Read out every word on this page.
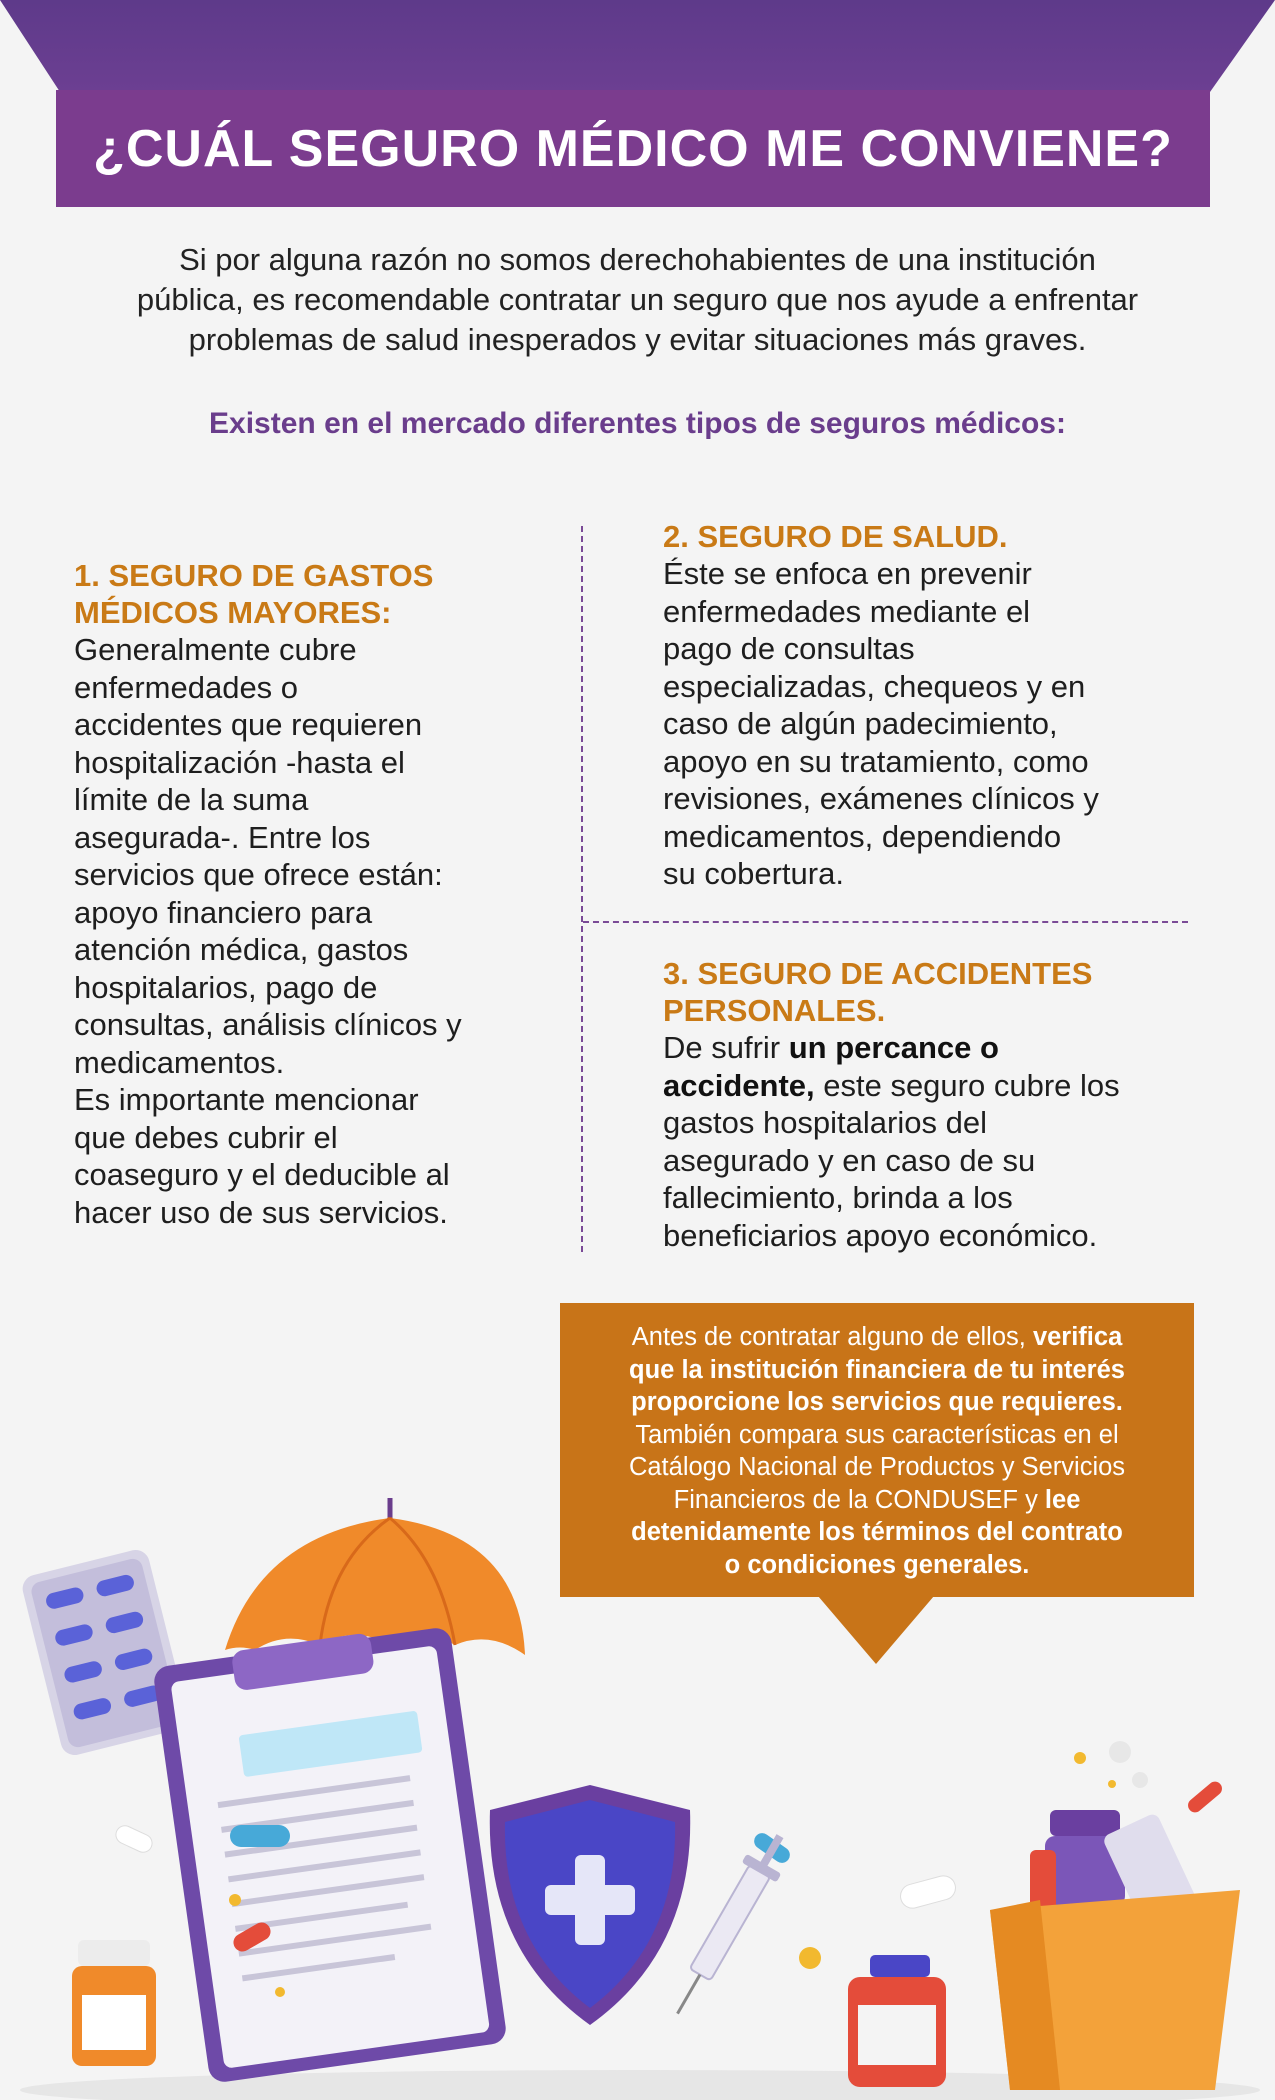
¿CUÁL SEGURO MÉDICO ME CONVIENE?
Si por alguna razón no somos derechohabientes de una institución
pública, es recomendable contratar un seguro que nos ayude a enfrentar
problemas de salud inesperados y evitar situaciones más graves.
Existen en el mercado diferentes tipos de seguros médicos:
1. SEGURO DE GASTOS
MÉDICOS MAYORES:
Generalmente cubre
enfermedades o
accidentes que requieren
hospitalización -hasta el
límite de la suma
asegurada-. Entre los
servicios que ofrece están:
apoyo financiero para
atención médica, gastos
hospitalarios, pago de
consultas, análisis clínicos y
medicamentos.
Es importante mencionar
que debes cubrir el
coaseguro y el deducible al
hacer uso de sus servicios.
2. SEGURO DE SALUD.
Éste se enfoca en prevenir
enfermedades mediante el
pago de consultas
especializadas, chequeos y en
caso de algún padecimiento,
apoyo en su tratamiento, como
revisiones, exámenes clínicos y
medicamentos, dependiendo
su cobertura.
3. SEGURO DE ACCIDENTES
PERSONALES.
De sufrir un percance o
accidente, este seguro cubre los
gastos hospitalarios del
asegurado y en caso de su
fallecimiento, brinda a los
beneficiarios apoyo económico.
Antes de contratar alguno de ellos, verifica
que la institución financiera de tu interés
proporcione los servicios que requieres.
También compara sus características en el
Catálogo Nacional de Productos y Servicios
Financieros de la CONDUSEF y lee
detenidamente los términos del contrato
o condiciones generales.
